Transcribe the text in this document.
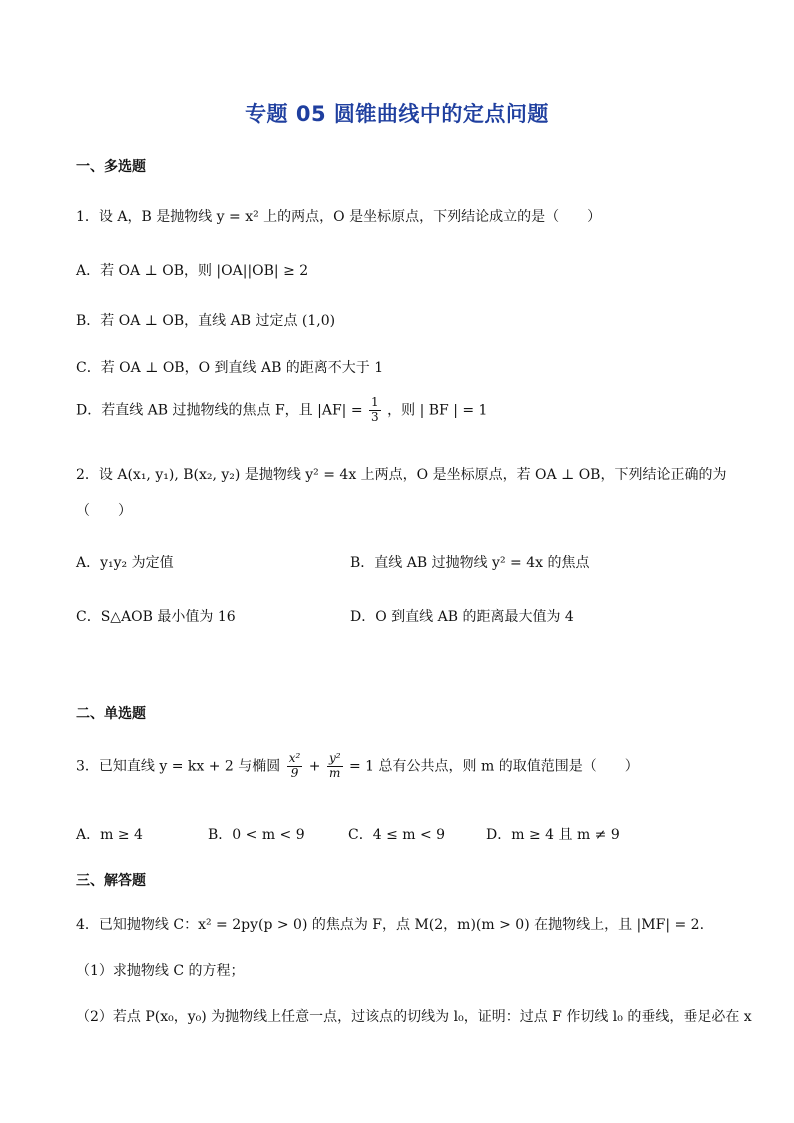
专题 05 圆锥曲线中的定点问题
一、多选题
1．设 A，B 是抛物线 y = x² 上的两点，O 是坐标原点，下列结论成立的是（　　）
A．若 OA ⊥ OB，则 |OA||OB| ≥ 2
B．若 OA ⊥ OB，直线 AB 过定点 (1,0)
C．若 OA ⊥ OB，O 到直线 AB 的距离不大于 1
D．若直线 AB 过抛物线的焦点 F，且 $|AF| = \frac{1}{3}$ ，则 | BF | = 1
2．设 A(x₁, y₁), B(x₂, y₂) 是抛物线 y² = 4x 上两点，O 是坐标原点，若 OA ⊥ OB，下列结论正确的为
（　　）
A．y₁y₂ 为定值	B．直线 AB 过抛物线 y² = 4x 的焦点
C．S△AOB 最小值为 16	D．O 到直线 AB 的距离最大值为 4
二、单选题
3．已知直线 y = kx + 2 与椭圆 $\frac{\text{x²}}{9} + \frac{\text{y²}}{m} = 1$ 总有公共点，则 m 的取值范围是（　　）
A．m ≥ 4	B．0 < m < 9	C．4 ≤ m < 9	D．m ≥ 4 且 m ≠ 9
三、解答题
4．已知抛物线 C：x² = 2py(p > 0) 的焦点为 F，点 M(2，m)(m > 0) 在抛物线上，且 |MF| = 2.
（1）求抛物线 C 的方程；
（2）若点 P(x₀，y₀) 为抛物线上任意一点，过该点的切线为 l₀，证明：过点 F 作切线 l₀ 的垂线，垂足必在 x
